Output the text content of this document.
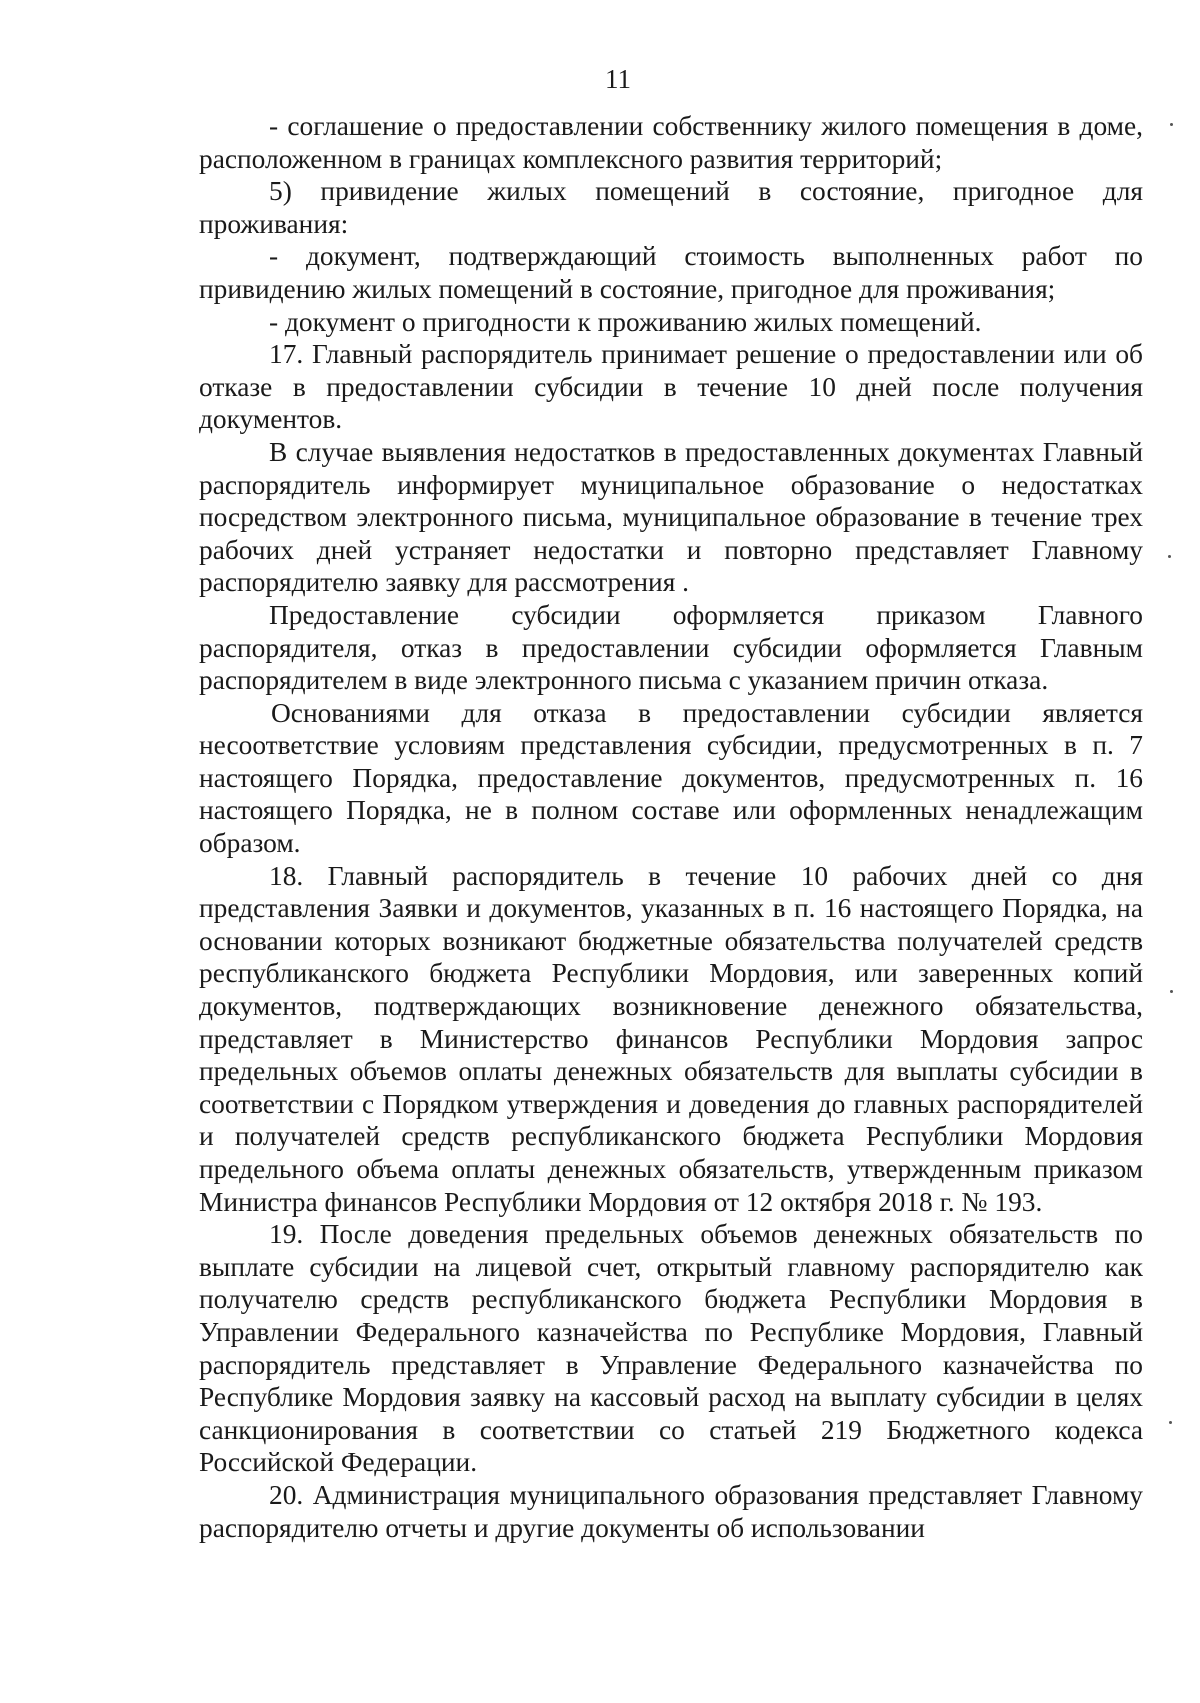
11

- соглашение о предоставлении собственнику жилого помещения в доме, расположенном в границах комплексного развития территорий;

5) привидение жилых помещений в состояние, пригодное для проживания:

- документ, подтверждающий стоимость выполненных работ по привидению жилых помещений в состояние, пригодное для проживания;

- документ о пригодности к проживанию жилых помещений.

17. Главный распорядитель принимает решение о предоставлении или об отказе в предоставлении субсидии в течение 10 дней после получения документов.

В случае выявления недостатков в предоставленных документах Главный распорядитель информирует муниципальное образование о недостатках посредством электронного письма, муниципальное образование в течение трех рабочих дней устраняет недостатки и повторно представляет Главному распорядителю заявку для рассмотрения .

Предоставление субсидии оформляется приказом Главного распорядителя, отказ в предоставлении субсидии оформляется Главным распорядителем в виде электронного письма с указанием причин отказа.

Основаниями для отказа в предоставлении субсидии является несоответствие условиям представления субсидии, предусмотренных в п. 7 настоящего Порядка, предоставление документов, предусмотренных п. 16 настоящего Порядка, не в полном составе или оформленных ненадлежащим образом.

18. Главный распорядитель в течение 10 рабочих дней со дня представления Заявки и документов, указанных в п. 16 настоящего Порядка, на основании которых возникают бюджетные обязательства получателей средств республиканского бюджета Республики Мордовия, или заверенных копий документов, подтверждающих возникновение денежного обязательства, представляет в Министерство финансов Республики Мордовия запрос предельных объемов оплаты денежных обязательств для выплаты субсидии в соответствии с Порядком утверждения и доведения до главных распорядителей и получателей средств республиканского бюджета Республики Мордовия предельного объема оплаты денежных обязательств, утвержденным приказом Министра финансов Республики Мордовия от 12 октября 2018 г. № 193.

19. После доведения предельных объемов денежных обязательств по выплате субсидии на лицевой счет, открытый главному распорядителю как получателю средств республиканского бюджета Республики Мордовия в Управлении Федерального казначейства по Республике Мордовия, Главный распорядитель представляет в Управление Федерального казначейства по Республике Мордовия заявку на кассовый расход на выплату субсидии в целях санкционирования в соответствии со статьей 219 Бюджетного кодекса Российской Федерации.

20. Администрация муниципального образования представляет Главному распорядителю отчеты и другие документы об использовании
